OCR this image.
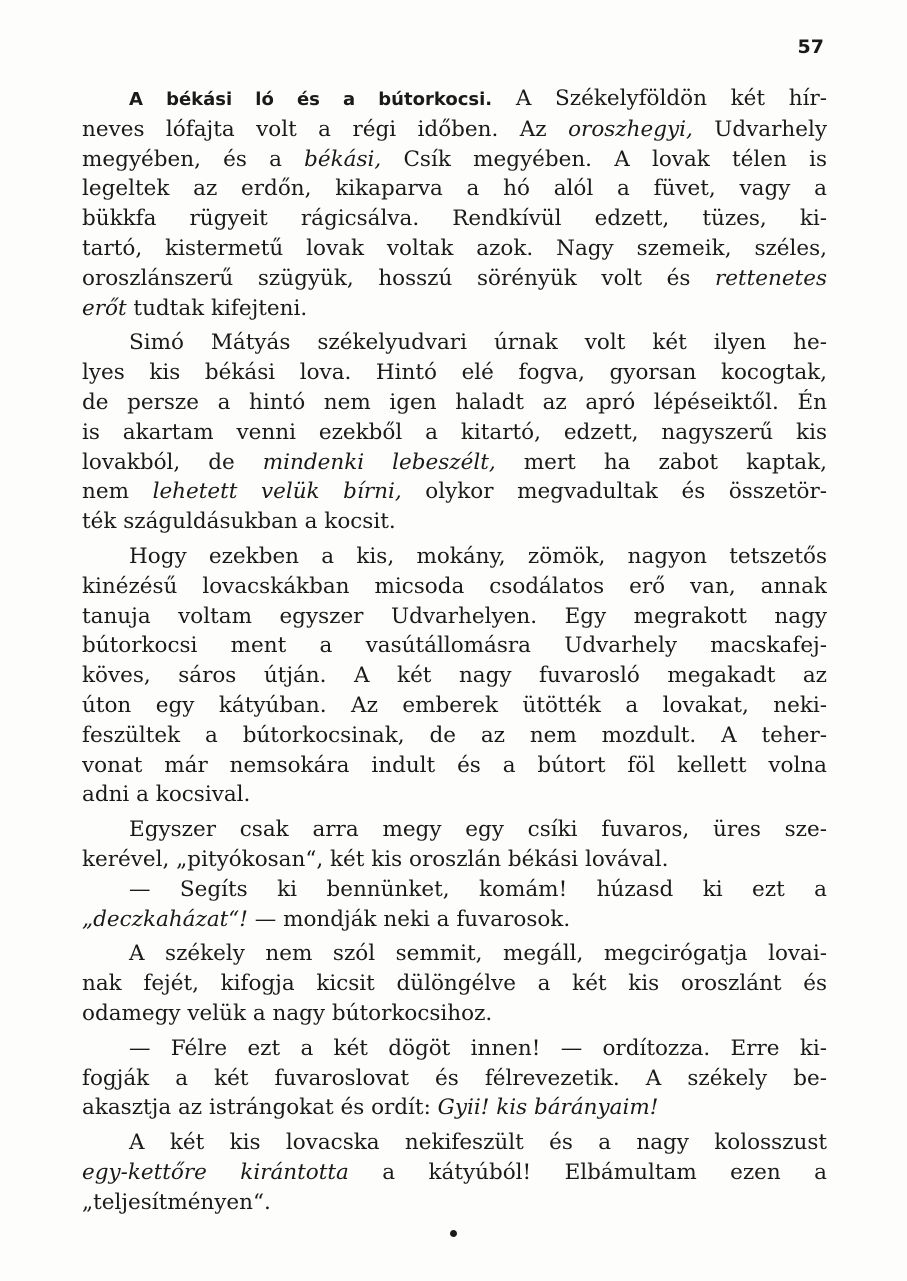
57
A békási ló és a bútorkocsi. A Székelyföldön két hír-
neves lófajta volt a régi időben. Az oroszhegyi, Udvarhely
megyében, és a békási, Csík megyében. A lovak télen is
legeltek az erdőn, kikaparva a hó alól a füvet, vagy a
bükkfa rügyeit rágicsálva. Rendkívül edzett, tüzes, ki-
tartó, kistermetű lovak voltak azok. Nagy szemeik, széles,
oroszlánszerű szügyük, hosszú sörényük volt és rettenetes
erőt tudtak kifejteni.
Simó Mátyás székelyudvari úrnak volt két ilyen he-
lyes kis békási lova. Hintó elé fogva, gyorsan kocogtak,
de persze a hintó nem igen haladt az apró lépéseiktől. Én
is akartam venni ezekből a kitartó, edzett, nagyszerű kis
lovakból, de mindenki lebeszélt, mert ha zabot kaptak,
nem lehetett velük bírni, olykor megvadultak és összetör-
ték száguldásukban a kocsit.
Hogy ezekben a kis, mokány, zömök, nagyon tetszetős
kinézésű lovacskákban micsoda csodálatos erő van, annak
tanuja voltam egyszer Udvarhelyen. Egy megrakott nagy
bútorkocsi ment a vasútállomásra Udvarhely macskafej-
köves, sáros útján. A két nagy fuvarosló megakadt az
úton egy kátyúban. Az emberek ütötték a lovakat, neki-
feszültek a bútorkocsinak, de az nem mozdult. A teher-
vonat már nemsokára indult és a bútort föl kellett volna
adni a kocsival.
Egyszer csak arra megy egy csíki fuvaros, üres sze-
kerével, „pityókosan“, két kis oroszlán békási lovával.
— Segíts ki bennünket, komám! húzasd ki ezt a
„deczkaházat“! — mondják neki a fuvarosok.
A székely nem szól semmit, megáll, megcirógatja lovai-
nak fejét, kifogja kicsit dülöngélve a két kis oroszlánt és
odamegy velük a nagy bútorkocsihoz.
— Félre ezt a két dögöt innen! — ordítozza. Erre ki-
fogják a két fuvaroslovat és félrevezetik. A székely be-
akasztja az istrángokat és ordít: Gyii! kis bárányaim!
A két kis lovacska nekifeszült és a nagy kolosszust
egy-kettőre kirántotta a kátyúból! Elbámultam ezen a
„teljesítményen“.
